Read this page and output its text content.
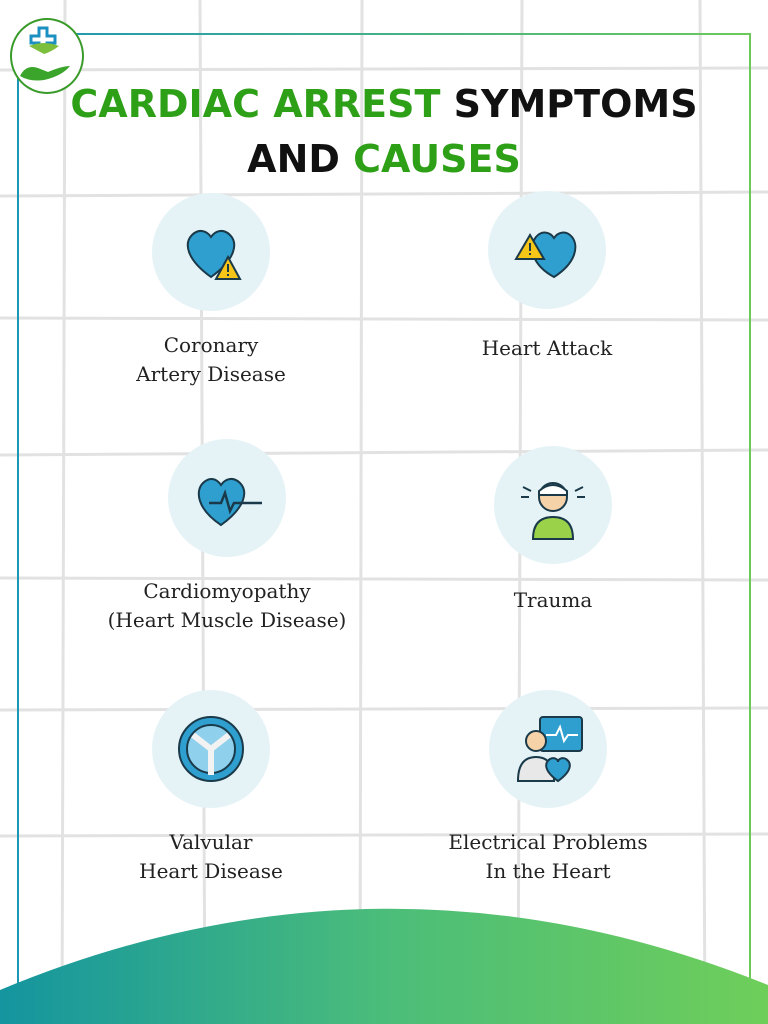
CARDIAC ARREST SYMPTOMS
AND CAUSES
Coronary
Artery Disease
Heart Attack
Cardiomyopathy
(Heart Muscle Disease)
Trauma
Valvular
Heart Disease
Electrical Problems
In the Heart
